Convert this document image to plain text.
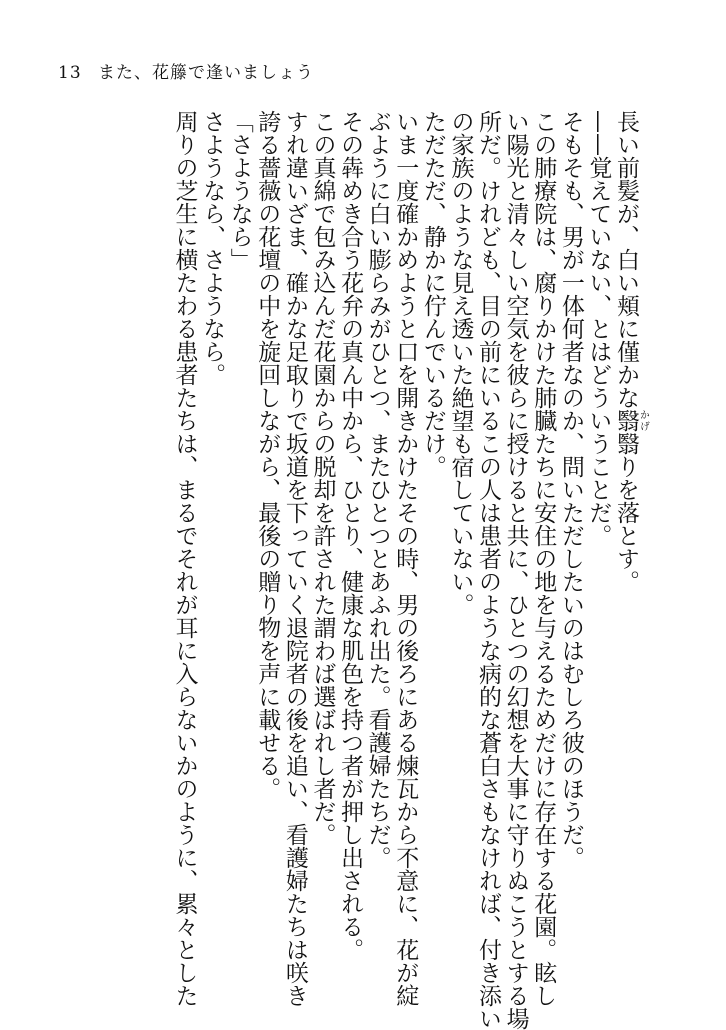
13 また、花籐で逢いましょう

長い前髪が、白い頬に僅かな翳かげ翳りを落とす。

——覚えていない、とはどういうことだ。

そもそも、男が一体何者なのか、問いただしたいのはむしろ彼のほうだ。

この肺療院は、腐りかけた肺臓たちに安住の地を与えるためだけに存在する花園。眩し

い陽光と清々しい空気を彼らに授けると共に、ひとつの幻想を大事に守りぬこうとする場

所だ。けれども、目の前にいるこの人は患者のような病的な蒼白さもなければ、付き添い

の家族のような見え透いた絶望も宿していない。

ただただ、静かに佇んでいるだけ。

いま一度確かめようと口を開きかけたその時、男の後ろにある煉瓦から不意に、花が綻

ぶように白い膨らみがひとつ、またひとつとあふれ出た。看護婦たちだ。

その犇めき合う花弁の真ん中から、ひとり、健康な肌色を持つ者が押し出される。

この真綿で包み込んだ花園からの脱却を許された謂わば選ばれし者だ。

すれ違いざま、確かな足取りで坂道を下っていく退院者の後を追い、看護婦たちは咲き

誇る薔薇の花壇の中を旋回しながら、最後の贈り物を声に載せる。

「さようなら」

さようなら、さようなら。

周りの芝生に横たわる患者たちは、まるでそれが耳に入らないかのように、累々とした
